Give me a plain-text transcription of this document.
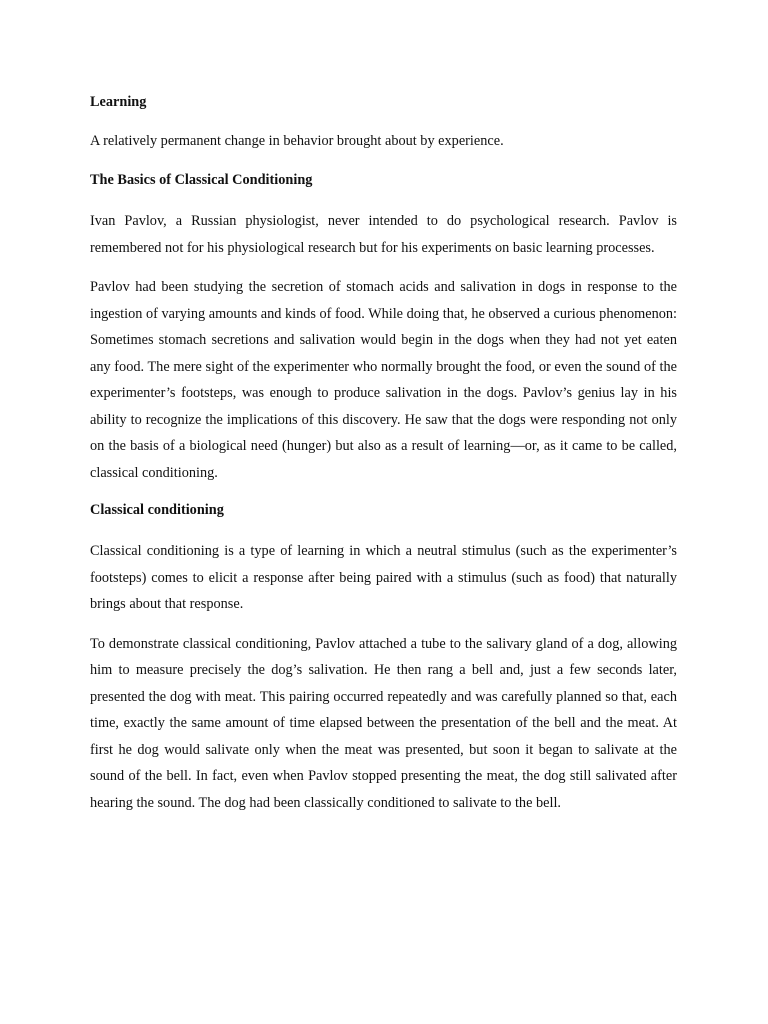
Learning
A relatively permanent change in behavior brought about by experience.
The Basics of Classical Conditioning
Ivan Pavlov, a Russian physiologist, never intended to do psychological research. Pavlov is remembered not for his physiological research but for his experiments on basic learning processes.
Pavlov had been studying the secretion of stomach acids and salivation in dogs in response to the ingestion of varying amounts and kinds of food. While doing that, he observed a curious phenomenon: Sometimes stomach secretions and salivation would begin in the dogs when they had not yet eaten any food. The mere sight of the experimenter who normally brought the food, or even the sound of the experimenter’s footsteps, was enough to produce salivation in the dogs. Pavlov’s genius lay in his ability to recognize the implications of this discovery. He saw that the dogs were responding not only on the basis of a biological need (hunger) but also as a result of learning—or, as it came to be called, classical conditioning.
Classical conditioning
Classical conditioning is a type of learning in which a neutral stimulus (such as the experimenter’s footsteps) comes to elicit a response after being paired with a stimulus (such as food) that naturally brings about that response.
To demonstrate classical conditioning, Pavlov attached a tube to the salivary gland of a dog, allowing him to measure precisely the dog’s salivation. He then rang a bell and, just a few seconds later, presented the dog with meat. This pairing occurred repeatedly and was carefully planned so that, each time, exactly the same amount of time elapsed between the presentation of the bell and the meat. At first he dog would salivate only when the meat was presented, but soon it began to salivate at the sound of the bell. In fact, even when Pavlov stopped presenting the meat, the dog still salivated after hearing the sound. The dog had been classically conditioned to salivate to the bell.
